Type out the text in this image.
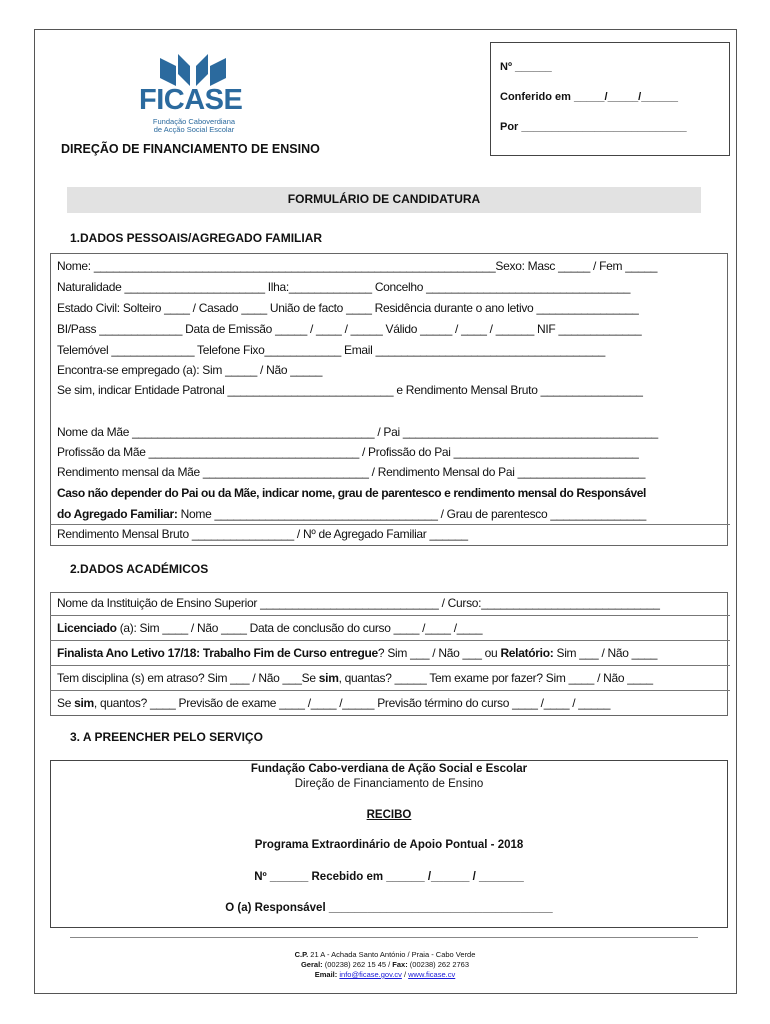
FICASE
Fundação Caboverdiana
de Acção Social Escolar
DIREÇÃO DE FINANCIAMENTO DE ENSINO
Nº ______
Conferido em _____/_____/______
Por ___________________________
FORMULÁRIO DE CANDIDATURA
1.DADOS PESSOAIS/AGREGADO FAMILIAR
Nome: _______________________________________________________________Sexo: Masc _____ / Fem _____
Naturalidade ______________________ Ilha:_____________ Concelho ________________________________
Estado Civil: Solteiro ____ / Casado ____ União de facto ____ Residência durante o ano letivo ________________
BI/Pass _____________ Data de Emissão _____ / ____ / _____ Válido _____ / ____ / ______ NIF _____________
Telemóvel _____________ Telefone Fixo____________ Email ____________________________________
Encontra-se empregado (a): Sim _____ / Não _____
Se sim, indicar Entidade Patronal __________________________ e Rendimento Mensal Bruto ________________
Nome da Mãe ______________________________________ / Pai ________________________________________
Profissão da Mãe _________________________________ / Profissão do Pai _____________________________
Rendimento mensal da Mãe __________________________ / Rendimento Mensal do Pai ____________________
Caso não depender do Pai ou da Mãe, indicar nome, grau de parentesco e rendimento mensal do Responsável
do Agregado Familiar: Nome ___________________________________ / Grau de parentesco _______________
Rendimento Mensal Bruto ________________ / Nº de Agregado Familiar ______
2.DADOS ACADÉMICOS
Nome da Instituição de Ensino Superior ____________________________ / Curso:____________________________
Licenciado (a): Sim ____ / Não ____ Data de conclusão do curso ____ /____ /____
Finalista Ano Letivo 17/18: Trabalho Fim de Curso entregue? Sim ___ / Não ___ ou Relatório: Sim ___ / Não ____
Tem disciplina (s) em atraso? Sim ___ / Não ___Se sim, quantas? _____ Tem exame por fazer? Sim ____ / Não ____
Se sim, quantos? ____ Previsão de exame ____ /____ /_____ Previsão término do curso ____ /____ / _____
3. A PREENCHER PELO SERVIÇO
Fundação Cabo-verdiana de Ação Social e Escolar
Direção de Financiamento de Ensino
RECIBO
Programa Extraordinário de Apoio Pontual - 2018
Nº ______ Recebido em ______ /______ / _______
O (a) Responsável ___________________________________
C.P. 21 A - Achada Santo António / Praia - Cabo Verde
Geral: (00238) 262 15 45 / Fax: (00238) 262 2763
Email: info@ficase.gov.cv / www.ficase.cv
